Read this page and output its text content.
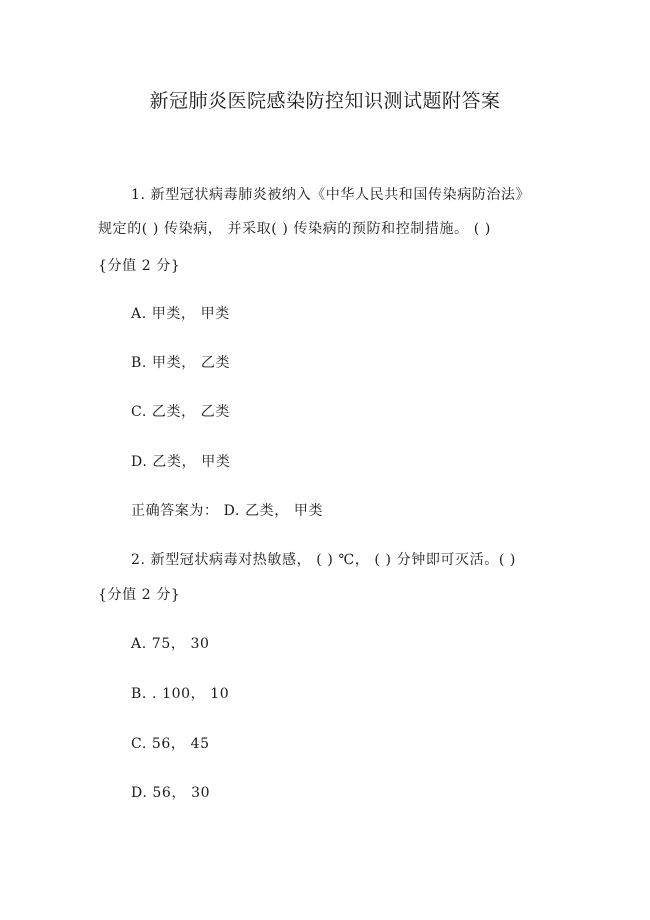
新冠肺炎医院感染防控知识测试题附答案
1. 新型冠状病毒肺炎被纳入《中华人民共和国传染病防治法》
规定的( ) 传染病， 并采取( ) 传染病的预防和控制措施。 ( )
{分值 2 分}
A. 甲类， 甲类
B. 甲类， 乙类
C. 乙类， 乙类
D. 乙类， 甲类
正确答案为： D. 乙类， 甲类
2. 新型冠状病毒对热敏感， ( ) ℃， ( ) 分钟即可灭活。( )
{分值 2 分}
A. 75， 30
B. . 100， 10
C. 56， 45
D. 56， 30
